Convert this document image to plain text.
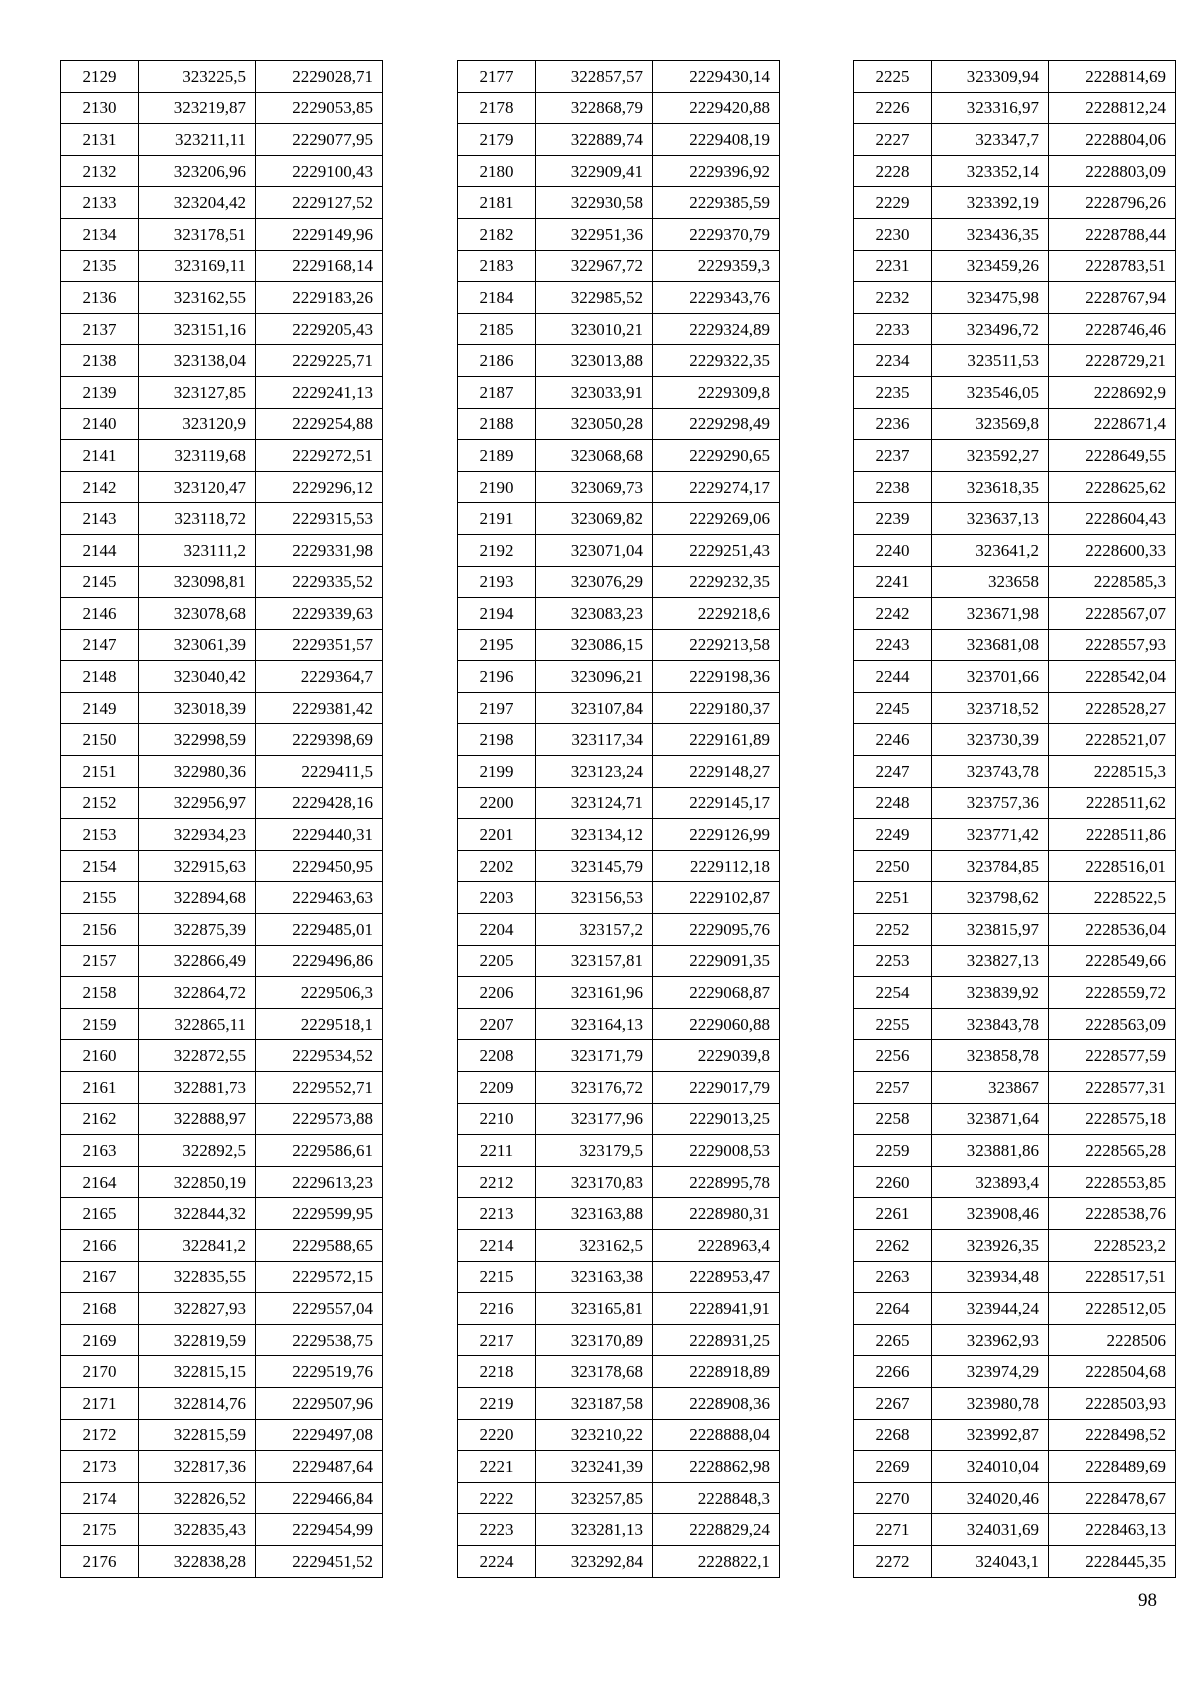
2129	323225,5	2229028,71
2130	323219,87	2229053,85
2131	323211,11	2229077,95
2132	323206,96	2229100,43
2133	323204,42	2229127,52
2134	323178,51	2229149,96
2135	323169,11	2229168,14
2136	323162,55	2229183,26
2137	323151,16	2229205,43
2138	323138,04	2229225,71
2139	323127,85	2229241,13
2140	323120,9	2229254,88
2141	323119,68	2229272,51
2142	323120,47	2229296,12
2143	323118,72	2229315,53
2144	323111,2	2229331,98
2145	323098,81	2229335,52
2146	323078,68	2229339,63
2147	323061,39	2229351,57
2148	323040,42	2229364,7
2149	323018,39	2229381,42
2150	322998,59	2229398,69
2151	322980,36	2229411,5
2152	322956,97	2229428,16
2153	322934,23	2229440,31
2154	322915,63	2229450,95
2155	322894,68	2229463,63
2156	322875,39	2229485,01
2157	322866,49	2229496,86
2158	322864,72	2229506,3
2159	322865,11	2229518,1
2160	322872,55	2229534,52
2161	322881,73	2229552,71
2162	322888,97	2229573,88
2163	322892,5	2229586,61
2164	322850,19	2229613,23
2165	322844,32	2229599,95
2166	322841,2	2229588,65
2167	322835,55	2229572,15
2168	322827,93	2229557,04
2169	322819,59	2229538,75
2170	322815,15	2229519,76
2171	322814,76	2229507,96
2172	322815,59	2229497,08
2173	322817,36	2229487,64
2174	322826,52	2229466,84
2175	322835,43	2229454,99
2176	322838,28	2229451,52
2177	322857,57	2229430,14
2178	322868,79	2229420,88
2179	322889,74	2229408,19
2180	322909,41	2229396,92
2181	322930,58	2229385,59
2182	322951,36	2229370,79
2183	322967,72	2229359,3
2184	322985,52	2229343,76
2185	323010,21	2229324,89
2186	323013,88	2229322,35
2187	323033,91	2229309,8
2188	323050,28	2229298,49
2189	323068,68	2229290,65
2190	323069,73	2229274,17
2191	323069,82	2229269,06
2192	323071,04	2229251,43
2193	323076,29	2229232,35
2194	323083,23	2229218,6
2195	323086,15	2229213,58
2196	323096,21	2229198,36
2197	323107,84	2229180,37
2198	323117,34	2229161,89
2199	323123,24	2229148,27
2200	323124,71	2229145,17
2201	323134,12	2229126,99
2202	323145,79	2229112,18
2203	323156,53	2229102,87
2204	323157,2	2229095,76
2205	323157,81	2229091,35
2206	323161,96	2229068,87
2207	323164,13	2229060,88
2208	323171,79	2229039,8
2209	323176,72	2229017,79
2210	323177,96	2229013,25
2211	323179,5	2229008,53
2212	323170,83	2228995,78
2213	323163,88	2228980,31
2214	323162,5	2228963,4
2215	323163,38	2228953,47
2216	323165,81	2228941,91
2217	323170,89	2228931,25
2218	323178,68	2228918,89
2219	323187,58	2228908,36
2220	323210,22	2228888,04
2221	323241,39	2228862,98
2222	323257,85	2228848,3
2223	323281,13	2228829,24
2224	323292,84	2228822,1
2225	323309,94	2228814,69
2226	323316,97	2228812,24
2227	323347,7	2228804,06
2228	323352,14	2228803,09
2229	323392,19	2228796,26
2230	323436,35	2228788,44
2231	323459,26	2228783,51
2232	323475,98	2228767,94
2233	323496,72	2228746,46
2234	323511,53	2228729,21
2235	323546,05	2228692,9
2236	323569,8	2228671,4
2237	323592,27	2228649,55
2238	323618,35	2228625,62
2239	323637,13	2228604,43
2240	323641,2	2228600,33
2241	323658	2228585,3
2242	323671,98	2228567,07
2243	323681,08	2228557,93
2244	323701,66	2228542,04
2245	323718,52	2228528,27
2246	323730,39	2228521,07
2247	323743,78	2228515,3
2248	323757,36	2228511,62
2249	323771,42	2228511,86
2250	323784,85	2228516,01
2251	323798,62	2228522,5
2252	323815,97	2228536,04
2253	323827,13	2228549,66
2254	323839,92	2228559,72
2255	323843,78	2228563,09
2256	323858,78	2228577,59
2257	323867	2228577,31
2258	323871,64	2228575,18
2259	323881,86	2228565,28
2260	323893,4	2228553,85
2261	323908,46	2228538,76
2262	323926,35	2228523,2
2263	323934,48	2228517,51
2264	323944,24	2228512,05
2265	323962,93	2228506
2266	323974,29	2228504,68
2267	323980,78	2228503,93
2268	323992,87	2228498,52
2269	324010,04	2228489,69
2270	324020,46	2228478,67
2271	324031,69	2228463,13
2272	324043,1	2228445,35
98
